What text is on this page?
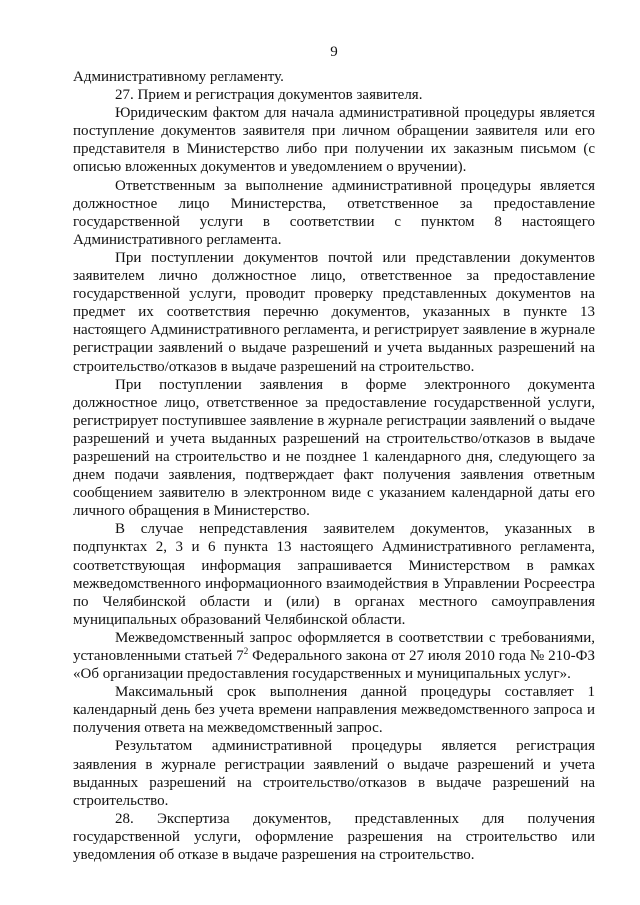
9

Административному регламенту.

27. Прием и регистрация документов заявителя.

Юридическим фактом для начала административной процедуры является поступление документов заявителя при личном обращении заявителя или его представителя в Министерство либо при получении их заказным письмом (с описью вложенных документов и уведомлением о вручении).

Ответственным за выполнение административной процедуры является должностное лицо Министерства, ответственное за предоставление государственной услуги в соответствии с пунктом 8 настоящего Административного регламента.

При поступлении документов почтой или представлении документов заявителем лично должностное лицо, ответственное за предоставление государственной услуги, проводит проверку представленных документов на предмет их соответствия перечню документов, указанных в пункте 13 настоящего Административного регламента, и регистрирует заявление в журнале регистрации заявлений о выдаче разрешений и учета выданных разрешений на строительство/отказов в выдаче разрешений на строительство.

При поступлении заявления в форме электронного документа должностное лицо, ответственное за предоставление государственной услуги, регистрирует поступившее заявление в журнале регистрации заявлений о выдаче разрешений и учета выданных разрешений на строительство/отказов в выдаче разрешений на строительство и не позднее 1 календарного дня, следующего за днем подачи заявления, подтверждает факт получения заявления ответным сообщением заявителю в электронном виде с указанием календарной даты его личного обращения в Министерство.

В случае непредставления заявителем документов, указанных в подпунктах 2, 3 и 6 пункта 13 настоящего Административного регламента, соответствующая информация запрашивается Министерством в рамках межведомственного информационного взаимодействия в Управлении Росреестра по Челябинской области и (или) в органах местного самоуправления муниципальных образований Челябинской области.

Межведомственный запрос оформляется в соответствии с требованиями, установленными статьей $7^2$ Федерального закона от 27 июля 2010 года № 210-ФЗ «Об организации предоставления государственных и муниципальных услуг».

Максимальный срок выполнения данной процедуры составляет 1 календарный день без учета времени направления межведомственного запроса и получения ответа на межведомственный запрос.

Результатом административной процедуры является регистрация заявления в журнале регистрации заявлений о выдаче разрешений и учета выданных разрешений на строительство/отказов в выдаче разрешений на строительство.

28. Экспертиза документов, представленных для получения государственной услуги, оформление разрешения на строительство или уведомления об отказе в выдаче разрешения на строительство.
